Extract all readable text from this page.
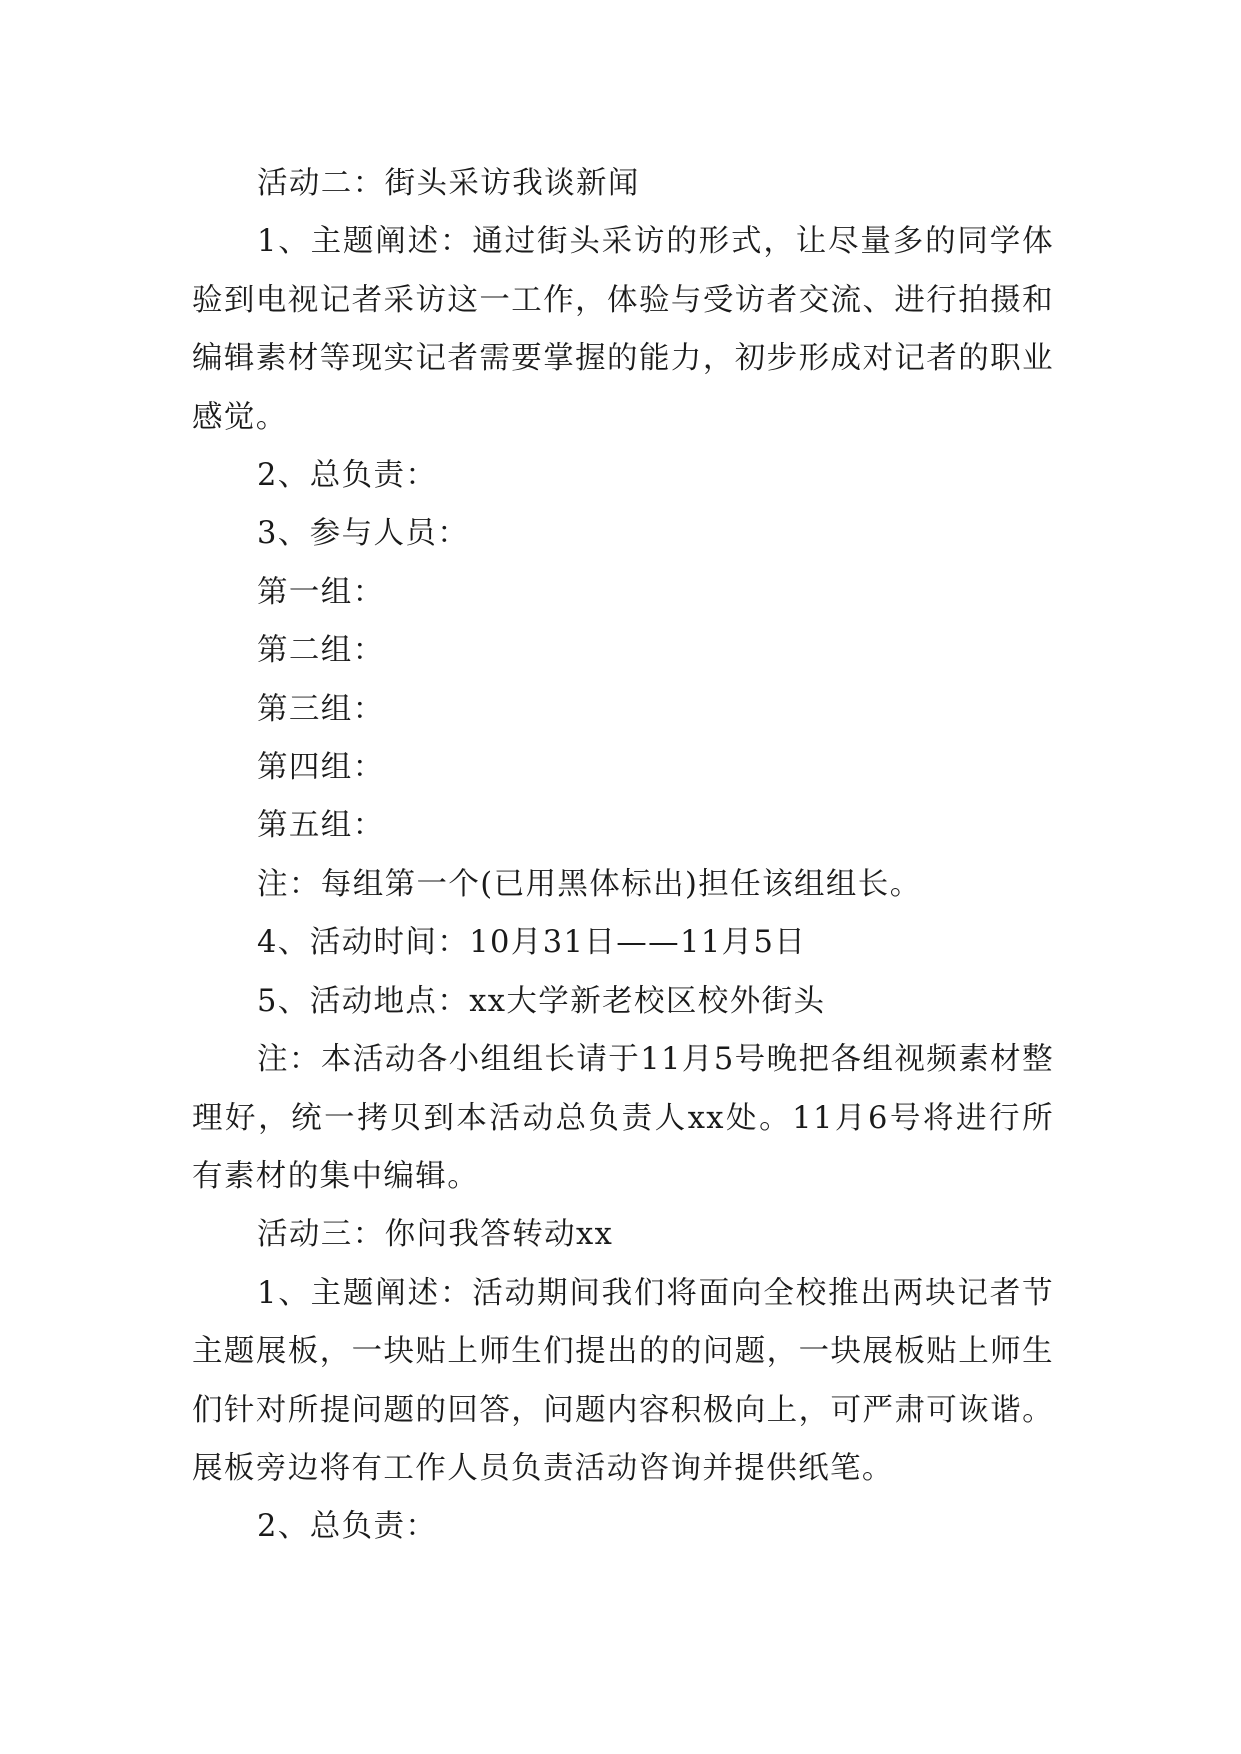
活动二：街头采访我谈新闻

1、主题阐述：通过街头采访的形式，让尽量多的同学体验到电视记者采访这一工作，体验与受访者交流、进行拍摄和编辑素材等现实记者需要掌握的能力，初步形成对记者的职业感觉。

2、总负责：

3、参与人员：

第一组：

第二组：

第三组：

第四组：

第五组：

注：每组第一个(已用黑体标出)担任该组组长。

4、活动时间：10月31日——11月5日

5、活动地点：xx大学新老校区校外街头

注：本活动各小组组长请于11月5号晚把各组视频素材整理好，统一拷贝到本活动总负责人xx处。11月6号将进行所有素材的集中编辑。

活动三：你问我答转动xx

1、主题阐述：活动期间我们将面向全校推出两块记者节主题展板，一块贴上师生们提出的的问题，一块展板贴上师生们针对所提问题的回答，问题内容积极向上，可严肃可诙谐。展板旁边将有工作人员负责活动咨询并提供纸笔。

2、总负责：
